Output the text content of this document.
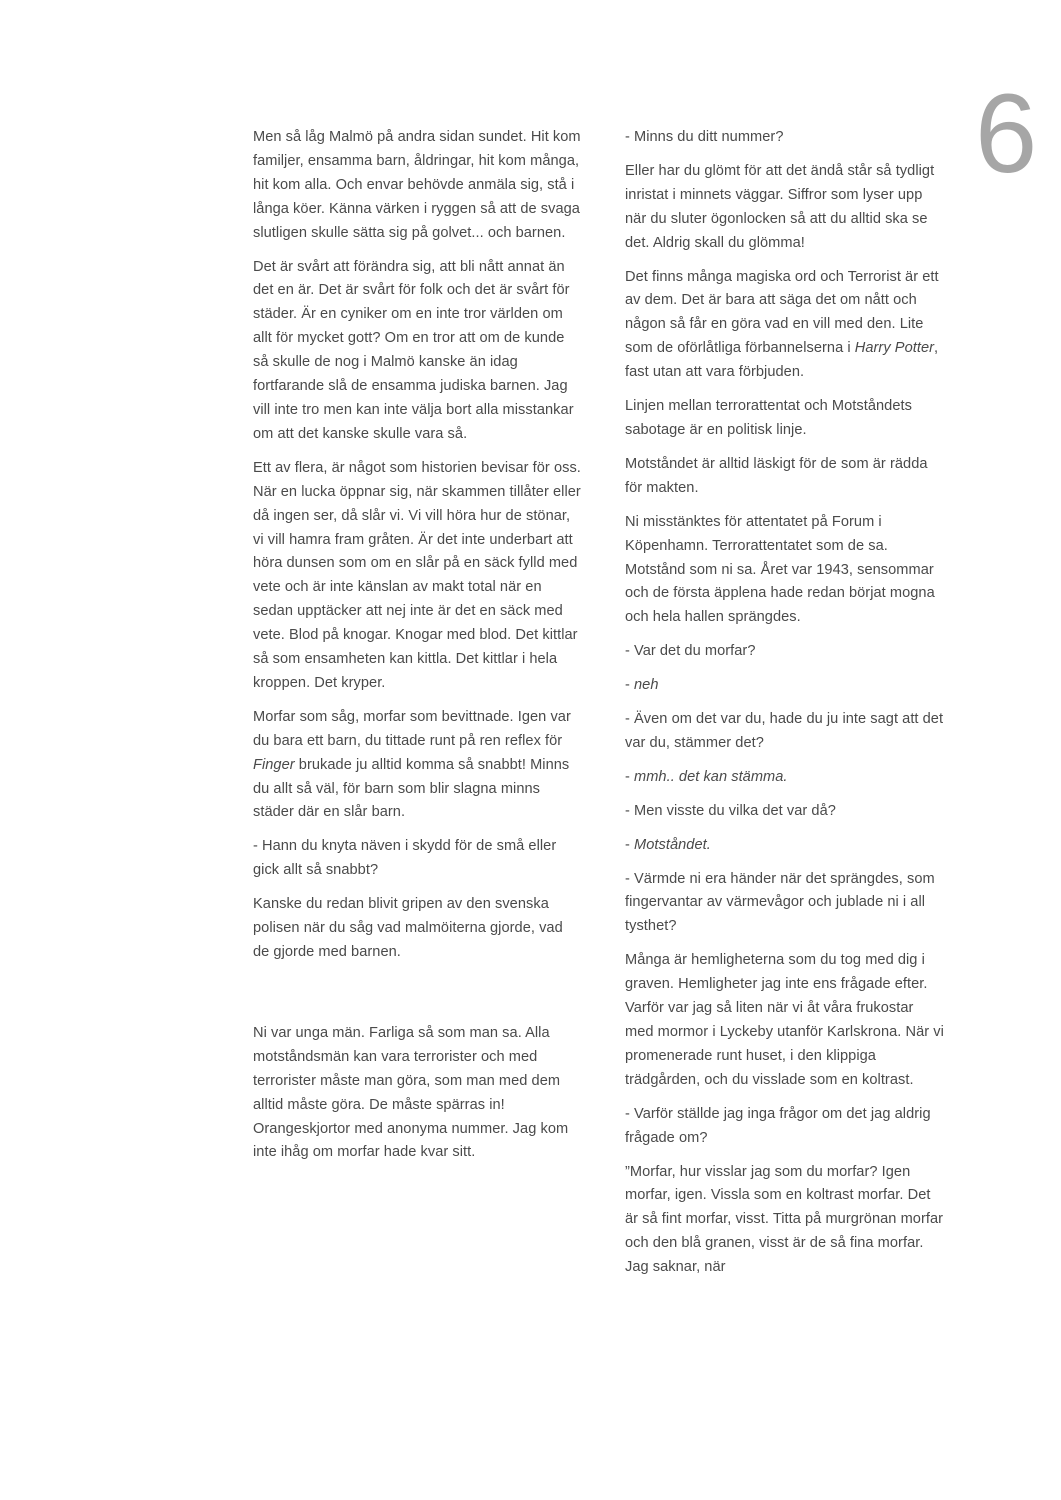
6

Men så låg Malmö på andra sidan sundet. Hit kom familjer, ensamma barn, åldringar, hit kom många, hit kom alla. Och envar behövde anmäla sig, stå i långa köer. Känna värken i ryggen så att de svaga slutligen skulle sätta sig på golvet... och barnen.

Det är svårt att förändra sig, att bli nått annat än det en är. Det är svårt för folk och det är svårt för städer. Är en cyniker om en inte tror världen om allt för mycket gott? Om en tror att om de kunde så skulle de nog i Malmö kanske än idag fortfarande slå de ensamma judiska barnen. Jag vill inte tro men kan inte välja bort alla misstankar om att det kanske skulle vara så.

Ett av flera, är något som historien bevisar för oss. När en lucka öppnar sig, när skammen tillåter eller då ingen ser, då slår vi. Vi vill höra hur de stönar, vi vill hamra fram gråten. Är det inte underbart att höra dunsen som om en slår på en säck fylld med vete och är inte känslan av makt total när en sedan upptäcker att nej inte är det en säck med vete. Blod på knogar. Knogar med blod. Det kittlar så som ensamheten kan kittla. Det kittlar i hela kroppen. Det kryper.

Morfar som såg, morfar som bevittnade. Igen var du bara ett barn, du tittade runt på ren reflex för Finger brukade ju alltid komma så snabbt! Minns du allt så väl, för barn som blir slagna minns städer där en slår barn.

- Hann du knyta näven i skydd för de små eller gick allt så snabbt?

Kanske du redan blivit gripen av den svenska polisen när du såg vad malmöiterna gjorde, vad de gjorde med barnen.

Ni var unga män. Farliga så som man sa. Alla motståndsmän kan vara terrorister och med terrorister måste man göra, som man med dem alltid måste göra. De måste spärras in! Orangeskjortor med anonyma nummer. Jag kom inte ihåg om morfar hade kvar sitt.

- Minns du ditt nummer?

Eller har du glömt för att det ändå står så tydligt inristat i minnets väggar. Siffror som lyser upp när du sluter ögonlocken så att du alltid ska se det. Aldrig skall du glömma!

Det finns många magiska ord och Terrorist är ett av dem. Det är bara att säga det om nått och någon så får en göra vad en vill med den. Lite som de oförlåtliga förbannelserna i Harry Potter, fast utan att vara förbjuden.

Linjen mellan terrorattentat och Motståndets sabotage är en politisk linje.

Motståndet är alltid läskigt för de som är rädda för makten.

Ni misstänktes för attentatet på Forum i Köpenhamn. Terrorattentatet som de sa. Motstånd som ni sa. Året var 1943, sensommar och de första äpplena hade redan börjat mogna och hela hallen sprängdes.

- Var det du morfar?

- neh

- Även om det var du, hade du ju inte sagt att det var du, stämmer det?

- mmh.. det kan stämma.

- Men visste du vilka det var då?

- Motståndet.

- Värmde ni era händer när det sprängdes, som fingervantar av värmevågor och jublade ni i all tysthet?

Många är hemligheterna som du tog med dig i graven. Hemligheter jag inte ens frågade efter. Varför var jag så liten när vi åt våra frukostar med mormor i Lyckeby utanför Karlskrona. När vi promenerade runt huset, i den klippiga trädgården, och du visslade som en koltrast.

- Varför ställde jag inga frågor om det jag aldrig frågade om?

”Morfar, hur visslar jag som du morfar? Igen morfar, igen. Vissla som en koltrast morfar. Det är så fint morfar, visst. Titta på murgrönan morfar och den blå granen, visst är de så fina morfar. Jag saknar, när
